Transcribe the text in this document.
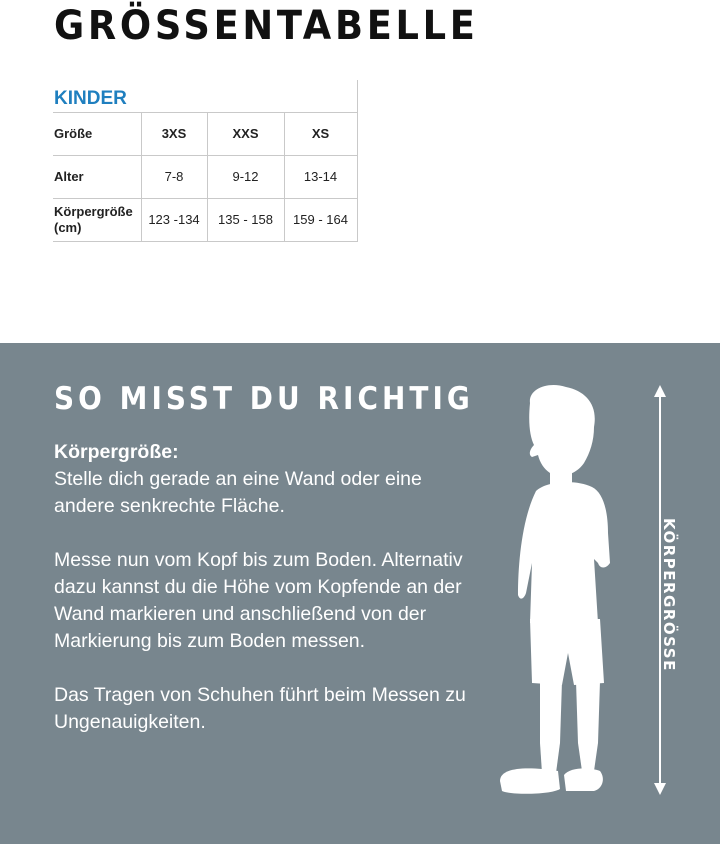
GRÖSSENTABELLE
KINDER			
Größe	3XS	XXS	XS
Alter	7-8	9-12	13-14
Körpergröße (cm)	123 -134	135 - 158	159 - 164
SO MISST DU RICHTIG
Körpergröße:

Stelle dich gerade an eine Wand oder eine andere senkrechte Fläche.

Messe nun vom Kopf bis zum Boden. Alternativ dazu kannst du die Höhe vom Kopfende an der Wand markieren und anschließend von der Markierung bis zum Boden messen.

Das Tragen von Schuhen führt beim Messen zu Ungenauigkeiten.

KÖRPERGRÖSSE
